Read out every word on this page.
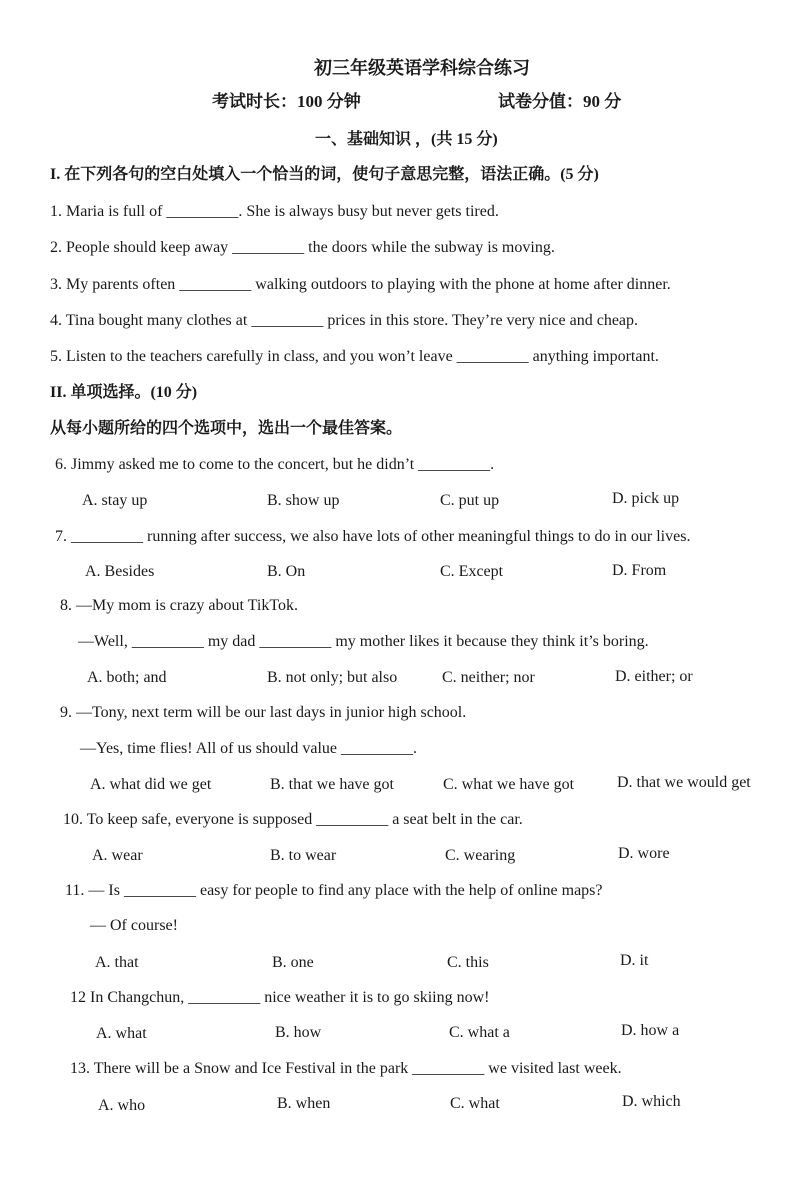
初三年级英语学科综合练习
考试时长：100 分钟	试卷分值：90 分
一、基础知识 ，(共 15 分)
I. 在下列各句的空白处填入一个恰当的词，使句子意思完整，语法正确。(5 分)
1. Maria is full of _________. She is always busy but never gets tired.
2. People should keep away _________ the doors while the subway is moving.
3. My parents often _________ walking outdoors to playing with the phone at home after dinner.
4. Tina bought many clothes at _________ prices in this store. They’re very nice and cheap.
5. Listen to the teachers carefully in class, and you won’t leave _________ anything important.
II. 单项选择。(10 分)
从每小题所给的四个选项中，选出一个最佳答案。
6. Jimmy asked me to come to the concert, but he didn’t _________.
A. stay up	B. show up	C. put up	D. pick up
7. _________ running after success, we also have lots of other meaningful things to do in our lives.
A. Besides	B. On	C. Except	D. From
8. —My mom is crazy about TikTok.
—Well, _________ my dad _________ my mother likes it because they think it’s boring.
A. both; and	B. not only; but also	C. neither; nor	D. either; or
9. —Tony, next term will be our last days in junior high school.
—Yes, time flies! All of us should value _________.
A. what did we get	B. that we have got	C. what we have got	D. that we would get
10. To keep safe, everyone is supposed _________ a seat belt in the car.
A. wear	B. to wear	C. wearing	D. wore
11. — Is _________ easy for people to find any place with the help of online maps?
— Of course!
A. that	B. one	C. this	D. it
12 In Changchun, _________ nice weather it is to go skiing now!
A. what	B. how	C. what a	D. how a
13. There will be a Snow and Ice Festival in the park _________ we visited last week.
A. who	B. when	C. what	D. which
